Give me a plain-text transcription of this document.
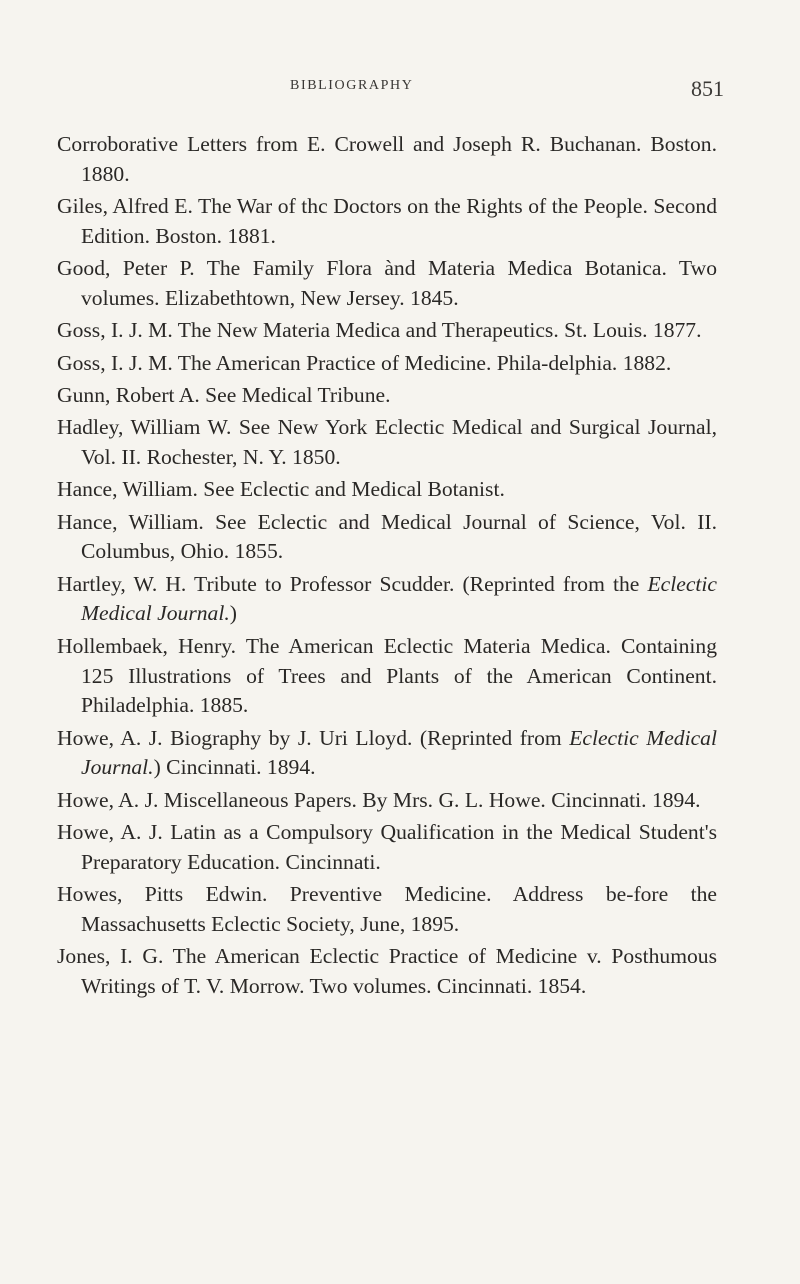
BIBLIOGRAPHY	851

Corroborative Letters from E. Crowell and Joseph R. Buchanan. Boston. 1880.

Giles, Alfred E. The War of thc Doctors on the Rights of the People. Second Edition. Boston. 1881.

Good, Peter P. The Family Flora ànd Materia Medica Botanica. Two volumes. Elizabethtown, New Jersey. 1845.

Goss, I. J. M. The New Materia Medica and Therapeutics. St. Louis. 1877.

Goss, I. J. M. The American Practice of Medicine. Phila-delphia. 1882.

Gunn, Robert A. See Medical Tribune.

Hadley, William W. See New York Eclectic Medical and Surgical Journal, Vol. II. Rochester, N. Y. 1850.

Hance, William. See Eclectic and Medical Botanist.

Hance, William. See Eclectic and Medical Journal of Science, Vol. II. Columbus, Ohio. 1855.

Hartley, W. H. Tribute to Professor Scudder. (Reprinted from the Eclectic Medical Journal.)

Hollembaek, Henry. The American Eclectic Materia Medica. Containing 125 Illustrations of Trees and Plants of the American Continent. Philadelphia. 1885.

Howe, A. J. Biography by J. Uri Lloyd. (Reprinted from Eclectic Medical Journal.) Cincinnati. 1894.

Howe, A. J. Miscellaneous Papers. By Mrs. G. L. Howe. Cincinnati. 1894.

Howe, A. J. Latin as a Compulsory Qualification in the Medical Student's Preparatory Education. Cincinnati.

Howes, Pitts Edwin. Preventive Medicine. Address be-fore the Massachusetts Eclectic Society, June, 1895.

Jones, I. G. The American Eclectic Practice of Medicine v. Posthumous Writings of T. V. Morrow. Two volumes. Cincinnati. 1854.
